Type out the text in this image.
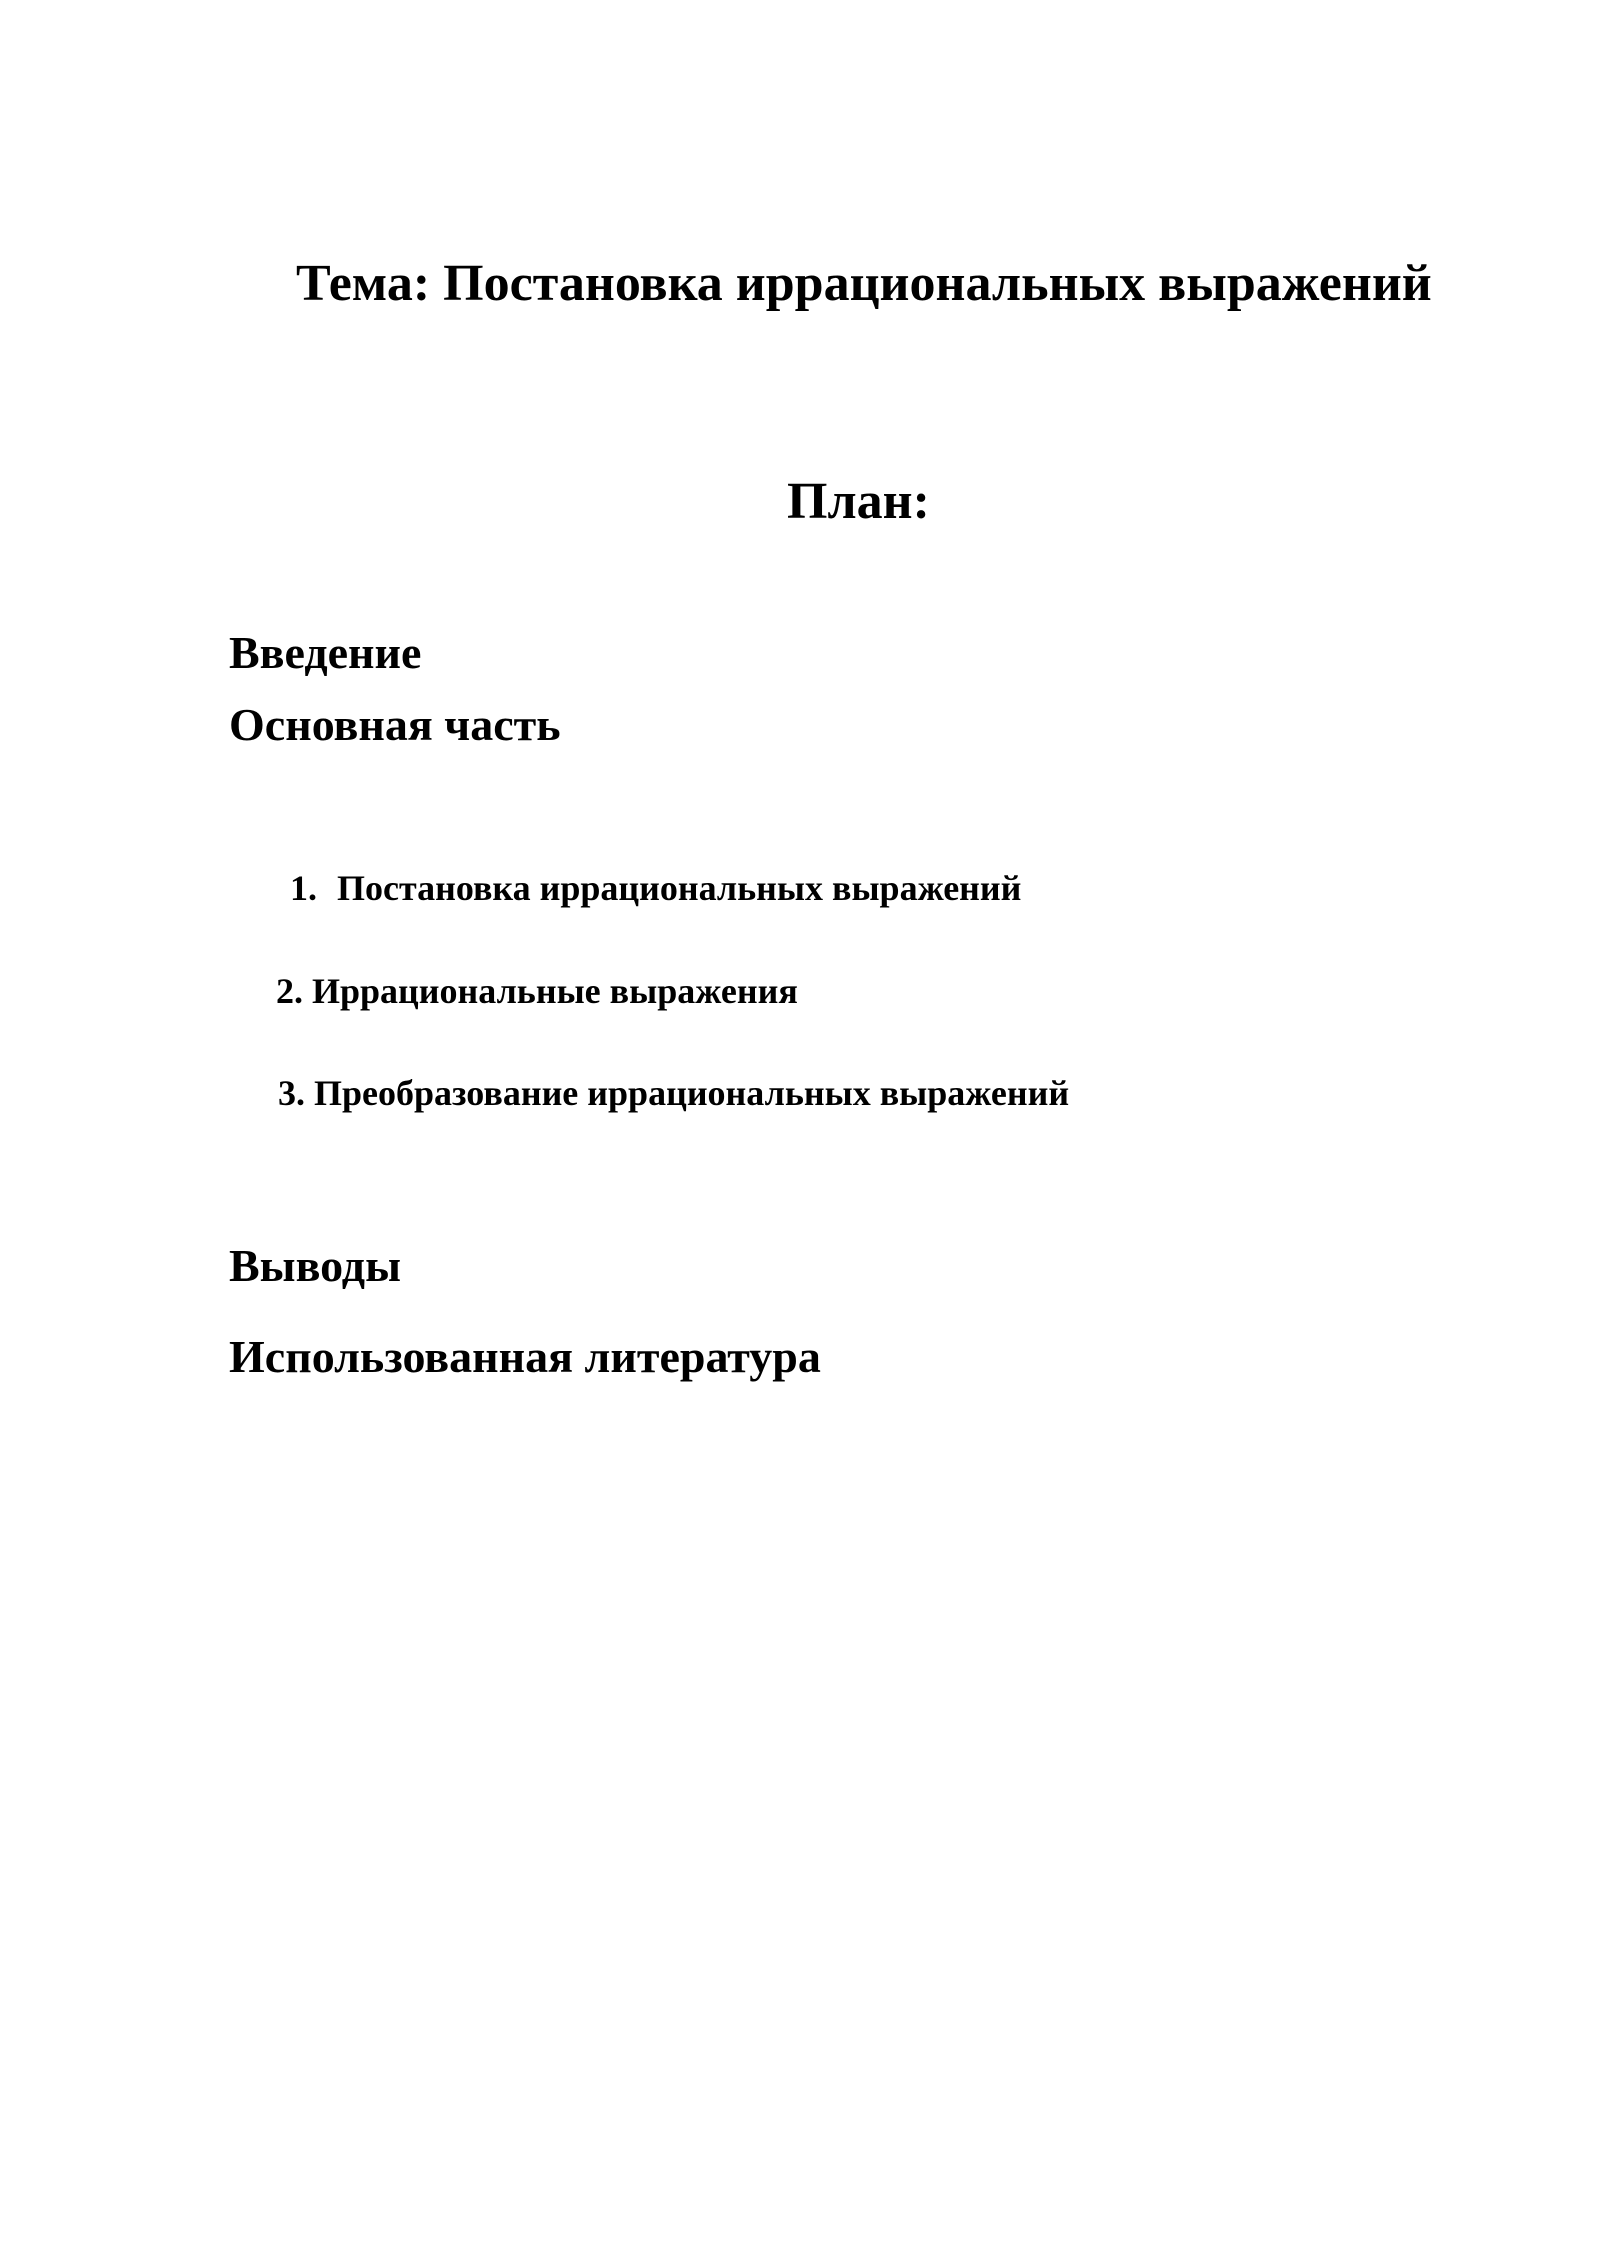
Тема: Постановка иррациональных выражений
План:
Введение
Основная часть
1. Постановка иррациональных выражений
2. Иррациональные выражения
3. Преобразование иррациональных выражений
Выводы
Использованная литература
